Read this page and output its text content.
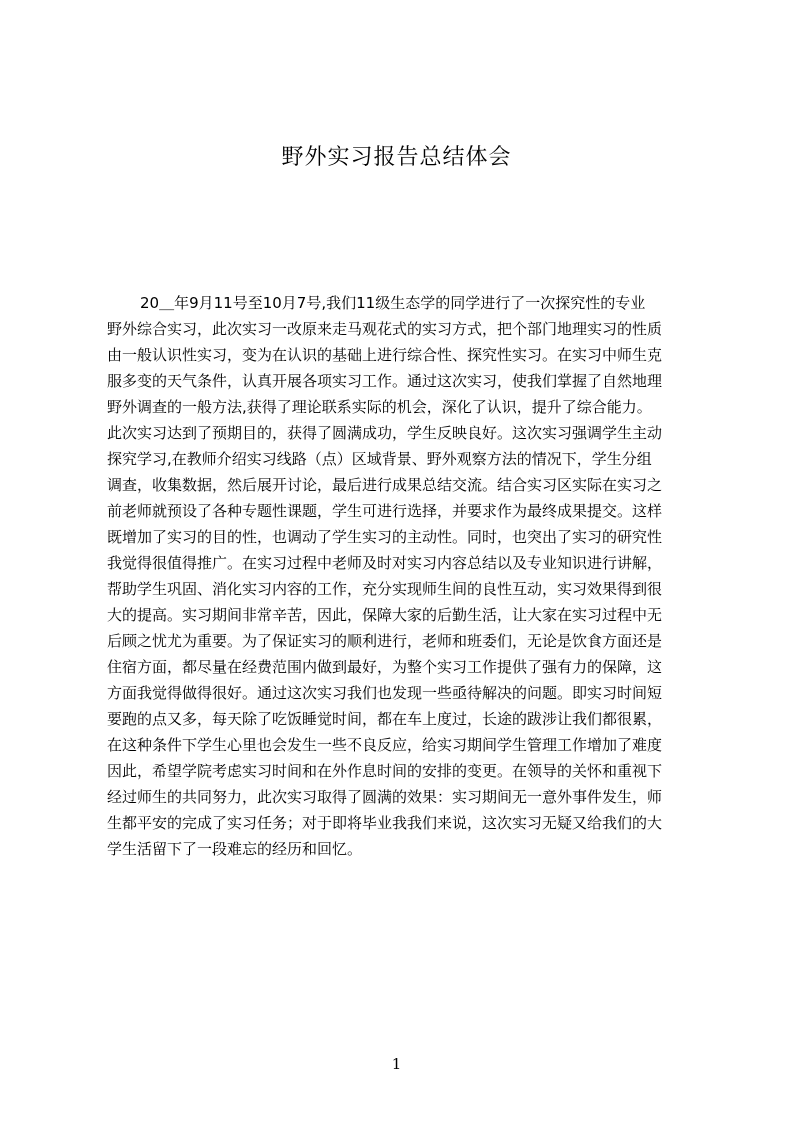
野外实习报告总结体会
20＿年9月11号至10月7号,我们11级生态学的同学进行了一次探究性的专业
野外综合实习，此次实习一改原来走马观花式的实习方式，把个部门地理实习的性质
由一般认识性实习，变为在认识的基础上进行综合性、探究性实习。在实习中师生克
服多变的天气条件，认真开展各项实习工作。通过这次实习，使我们掌握了自然地理
野外调查的一般方法,获得了理论联系实际的机会，深化了认识，提升了综合能力。
此次实习达到了预期目的，获得了圆满成功，学生反映良好。这次实习强调学生主动
探究学习,在教师介绍实习线路（点）区域背景、野外观察方法的情况下，学生分组
调查，收集数据，然后展开讨论，最后进行成果总结交流。结合实习区实际在实习之
前老师就预设了各种专题性课题，学生可进行选择，并要求作为最终成果提交。这样
既增加了实习的目的性，也调动了学生实习的主动性。同时，也突出了实习的研究性
我觉得很值得推广。在实习过程中老师及时对实习内容总结以及专业知识进行讲解，
帮助学生巩固、消化实习内容的工作，充分实现师生间的良性互动，实习效果得到很
大的提高。实习期间非常辛苦，因此，保障大家的后勤生活，让大家在实习过程中无
后顾之忧尤为重要。为了保证实习的顺利进行，老师和班委们，无论是饮食方面还是
住宿方面，都尽量在经费范围内做到最好，为整个实习工作提供了强有力的保障，这
方面我觉得做得很好。通过这次实习我们也发现一些亟待解决的问题。即实习时间短
要跑的点又多，每天除了吃饭睡觉时间，都在车上度过，长途的跋涉让我们都很累，
在这种条件下学生心里也会发生一些不良反应，给实习期间学生管理工作增加了难度
因此，希望学院考虑实习时间和在外作息时间的安排的变更。在领导的关怀和重视下
经过师生的共同努力，此次实习取得了圆满的效果：实习期间无一意外事件发生，师
生都平安的完成了实习任务；对于即将毕业我我们来说，这次实习无疑又给我们的大
学生活留下了一段难忘的经历和回忆。
1
